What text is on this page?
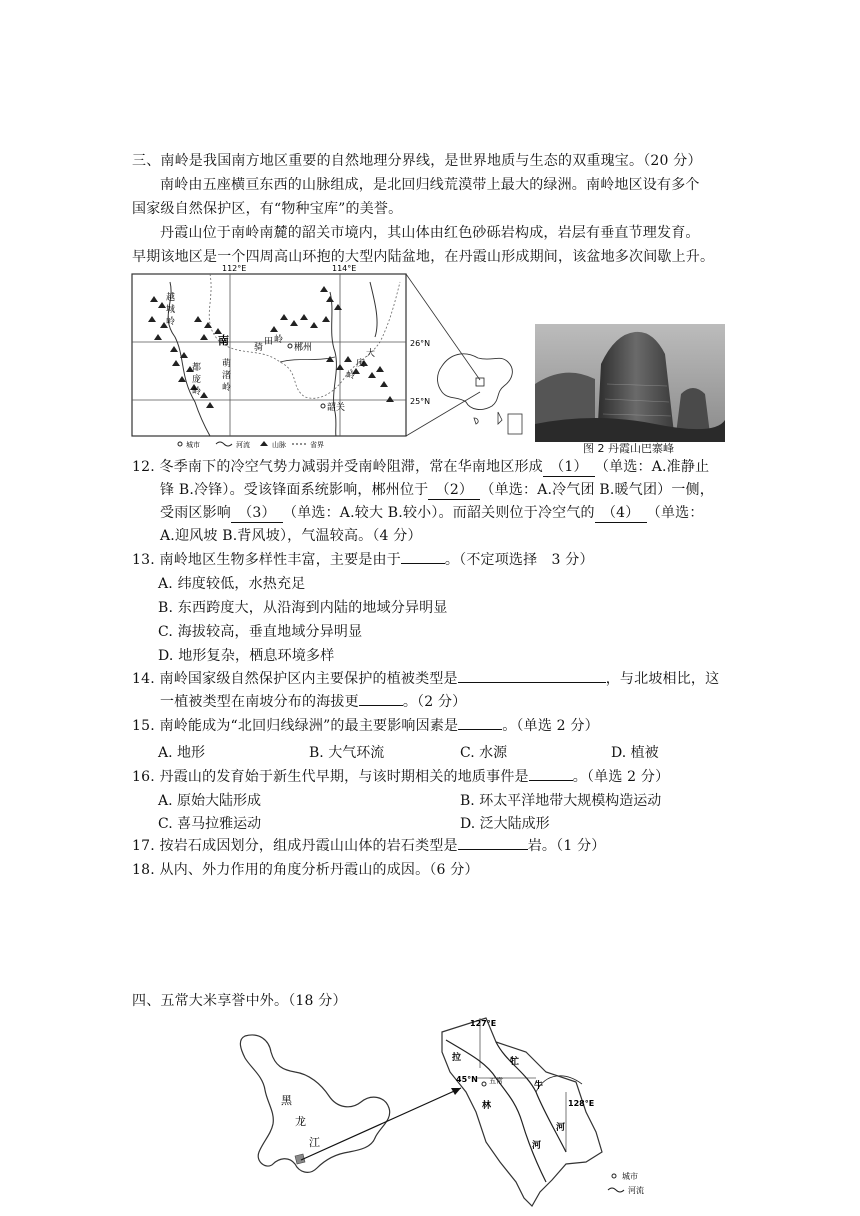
三、南岭是我国南方地区重要的自然地理分界线，是世界地质与生态的双重瑰宝。（20 分）
南岭由五座横亘东西的山脉组成，是北回归线荒漠带上最大的绿洲。南岭地区设有多个
国家级自然保护区，有“物种宝库”的美誉。
丹霞山位于南岭南麓的韶关市境内，其山体由红色砂砾岩构成，岩层有垂直节理发育。
早期该地区是一个四周高山环抱的大型内陆盆地，在丹霞山形成期间，该盆地多次间歇上升。
112°E	114°E
26°N
25°N
越
城
岭
南
萌
渚
岭
都
庞
岭
骑
田 岭
郴州
大
庚
岭
韶关
城市	河流	山脉	省界	图 2 丹霞山巴寨峰
12. 冬季南下的冷空气势力减弱并受南岭阻滞，常在华南地区形成 （1） （单选：A.准静止
锋 B.冷锋）。受该锋面系统影响，郴州位于 （2） （单选：A.冷气团 B.暖气团）一侧，
受雨区影响 （3） （单选：A.较大 B.较小）。而韶关则位于冷空气的 （4） （单选：
A.迎风坡 B.背风坡），气温较高。（4 分）
13. 南岭地区生物多样性丰富，主要是由于	。（不定项选择　3 分）
A. 纬度较低，水热充足
B. 东西跨度大，从沿海到内陆的地域分异明显
C. 海拔较高，垂直地域分异明显
D. 地形复杂，栖息环境多样
14. 南岭国家级自然保护区内主要保护的植被类型是	，与北坡相比，这
一植被类型在南坡分布的海拔更	。（2 分）
15. 南岭能成为“北回归线绿洲”的最主要影响因素是	。（单选 2 分）
A. 地形	B. 大气环流	C. 水源	D. 植被
16. 丹霞山的发育始于新生代早期，与该时期相关的地质事件是	。（单选 2 分）
A. 原始大陆形成	B. 环太平洋地带大规模构造运动
C. 喜马拉雅运动	D. 泛大陆成形
17. 按岩石成因划分，组成丹霞山山体的岩石类型是	岩。（1 分）
18. 从内、外力作用的角度分析丹霞山的成因。（6 分）
四、五常大米享誉中外。（18 分）
黑
龙
江
127°E
128°E
45°N 五常
拉
林
牤
牛
河
河
城市
河流
